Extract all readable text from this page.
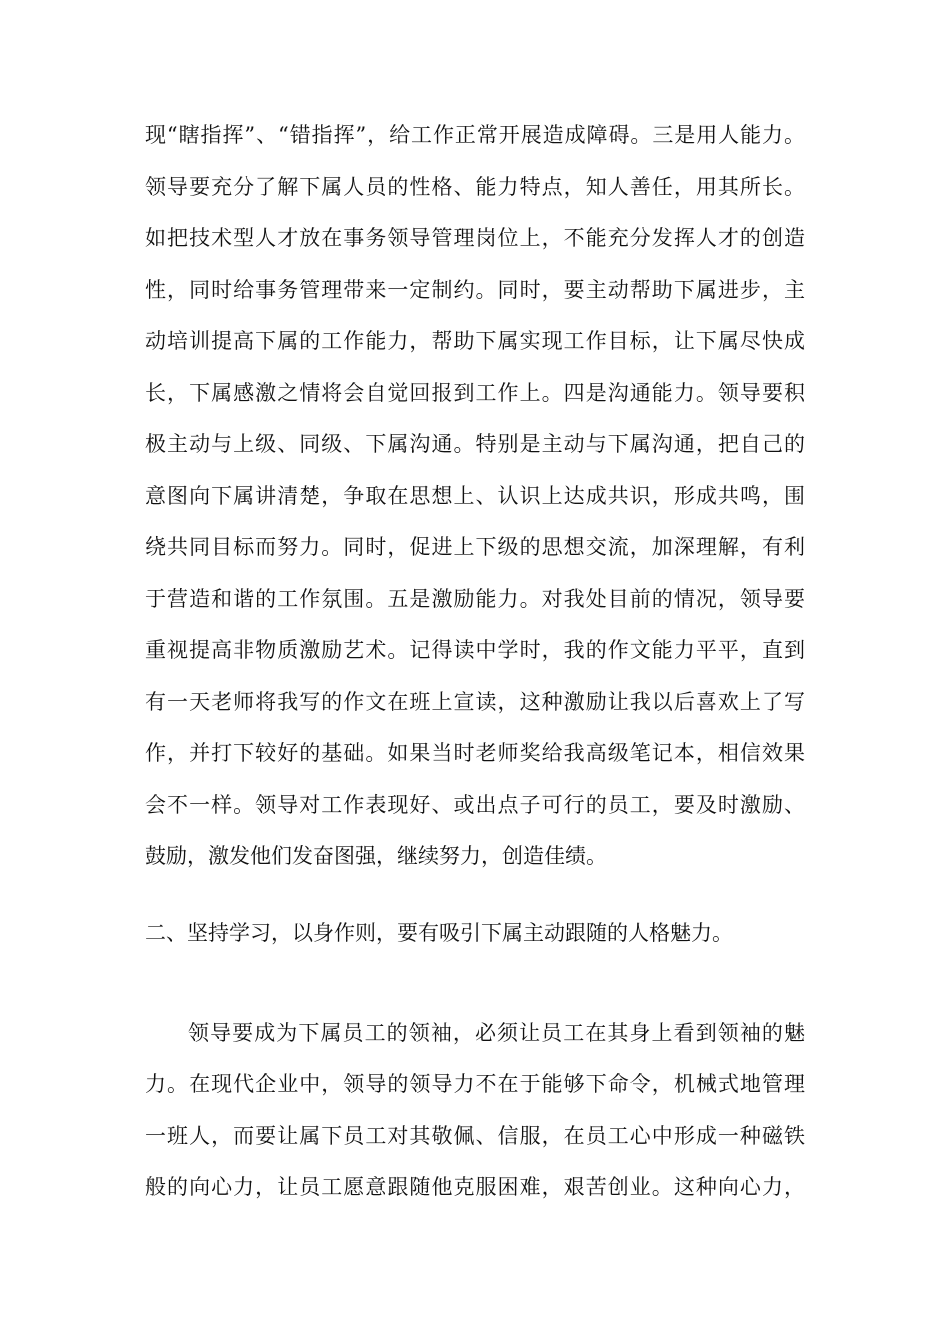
现“瞎指挥”、“错指挥”，给工作正常开展造成障碍。三是用人能力。
领导要充分了解下属人员的性格、能力特点，知人善任，用其所长。
如把技术型人才放在事务领导管理岗位上，不能充分发挥人才的创造
性，同时给事务管理带来一定制约。同时，要主动帮助下属进步，主
动培训提高下属的工作能力，帮助下属实现工作目标，让下属尽快成
长，下属感激之情将会自觉回报到工作上。四是沟通能力。领导要积
极主动与上级、同级、下属沟通。特别是主动与下属沟通，把自己的
意图向下属讲清楚，争取在思想上、认识上达成共识，形成共鸣，围
绕共同目标而努力。同时，促进上下级的思想交流，加深理解，有利
于营造和谐的工作氛围。五是激励能力。对我处目前的情况，领导要
重视提高非物质激励艺术。记得读中学时，我的作文能力平平，直到
有一天老师将我写的作文在班上宣读，这种激励让我以后喜欢上了写
作，并打下较好的基础。如果当时老师奖给我高级笔记本，相信效果
会不一样。领导对工作表现好、或出点子可行的员工，要及时激励、
鼓励，激发他们发奋图强，继续努力，创造佳绩。
二、坚持学习，以身作则，要有吸引下属主动跟随的人格魅力。
领导要成为下属员工的领袖，必须让员工在其身上看到领袖的魅
力。在现代企业中，领导的领导力不在于能够下命令，机械式地管理
一班人，而要让属下员工对其敬佩、信服，在员工心中形成一种磁铁
般的向心力，让员工愿意跟随他克服困难，艰苦创业。这种向心力，
